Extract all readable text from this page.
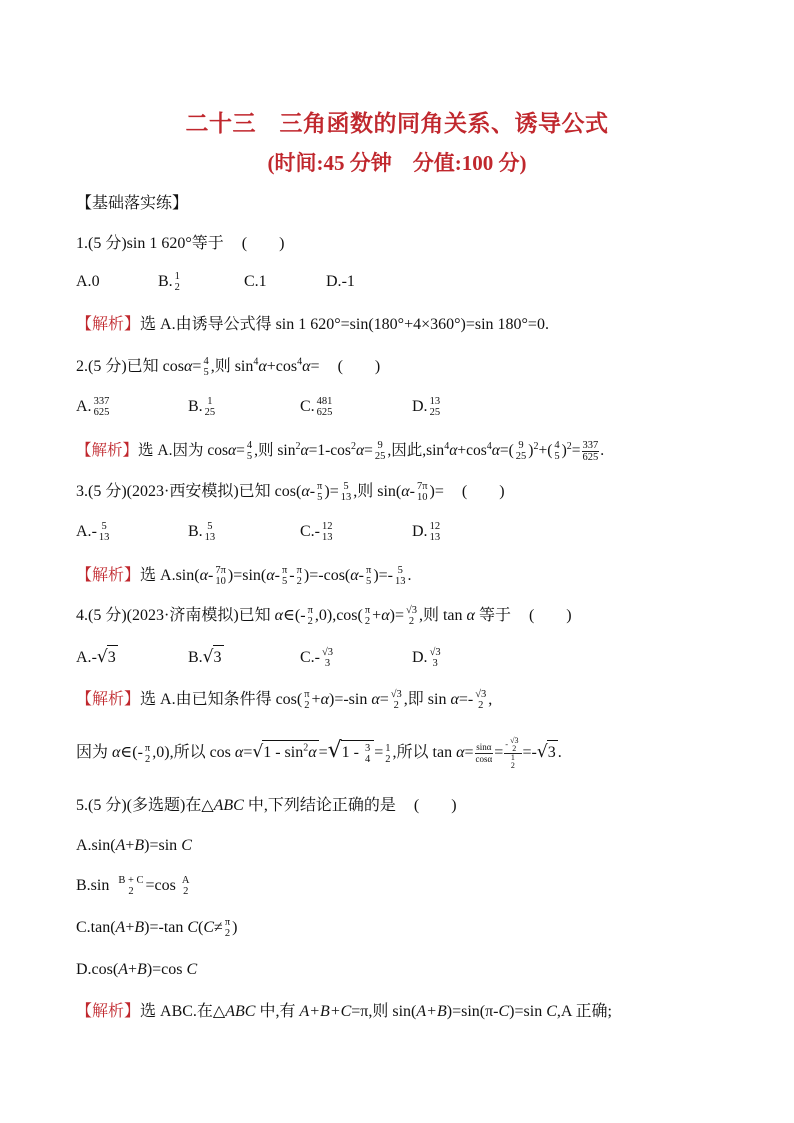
二十三　三角函数的同角关系、诱导公式
(时间:45 分钟　分值:100 分)
【基础落实练】
1.(5 分)sin 1 620°等于 (　　)
A.0	B. 1
2	C.1	D.-1
【解析】选 A.由诱导公式得 sin 1 620°=sin(180°+4×360°)=sin 180°=0.
2.(5 分)已知 cosα= 4
5 ,则 $\sin^4\alpha+\cos^4\alpha=$ (　　)
A. 337
625	B. 1
25	C. 481
625	D. 13
25
【解析】选 A.因为 cosα= 4
5 ,则 $\sin^2\alpha=1-\cos^2\alpha= 9$
25 ,因此$,\sin^4\alpha+\cos^4\alpha=$( 9
25 )$^2$+( 4
5 )$^2= \frac{337}{625}$ .
3.(5 分)(2023·西安模拟)已知 cos(α- π
5 )= 5
13 ,则 sin(α- 7π
10 )= (　　)
A.- 5
13	B. 5
13	C.- 12
13	D. 12
13
【解析】选 A.sin(α- 7π
10 )=sin(α- π
5 - π
2 )=-cos(α- π
5 )=- 5
13 .
4.(5 分)(2023·济南模拟)已知 α∈(- π
2 ,0),cos( π
2 +α)= √3
2 ,则 tan α 等于 (　　)
A.-√3	B.√3	C.- √3
3	D. √3
3
【解析】选 A.由已知条件得 cos( π
2 +α)=-sin α= √3
2 ,即 sin α=- √3
2 ,
因为 α∈(- π
2 ,0),所以 $\cos \alpha=√1 - \sin^2\alpha =√1 - 3$
4 = 1
2 ,所以 $\tan \alpha= \frac{\sin\alpha}{\cos\alpha}$ = - √3
2
1
2 =-√3 .
5.(5 分)(多选题)在△ABC 中,下列结论正确的是 (　　)
A.sin(A+B)=sin C
B.sin B + C
2 =cos A
2
C.tan(A+B)=-tan C(C≠ π
2 )
D.cos(A+B)=cos C
【解析】选 ABC.在△ABC 中,有 A+B+C=π,则 sin(A+B)=sin(π-C)=sin C,A 正确;
